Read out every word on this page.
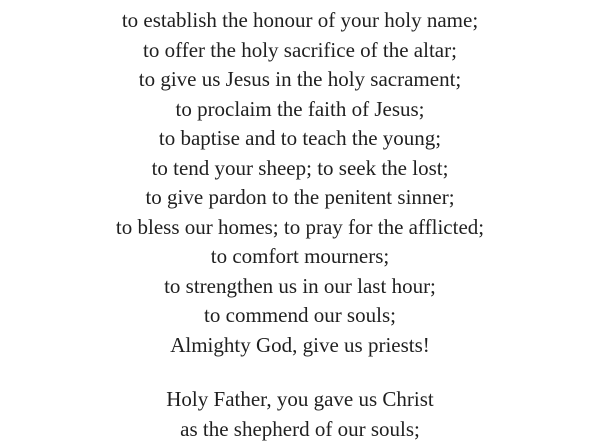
to establish the honour of your holy name;
to offer the holy sacrifice of the altar;
to give us Jesus in the holy sacrament;
to proclaim the faith of Jesus;
to baptise and to teach the young;
to tend your sheep; to seek the lost;
to give pardon to the penitent sinner;
to bless our homes; to pray for the afflicted;
to comfort mourners;
to strengthen us in our last hour;
to commend our souls;
Almighty God, give us priests!
Holy Father, you gave us Christ
as the shepherd of our souls;
